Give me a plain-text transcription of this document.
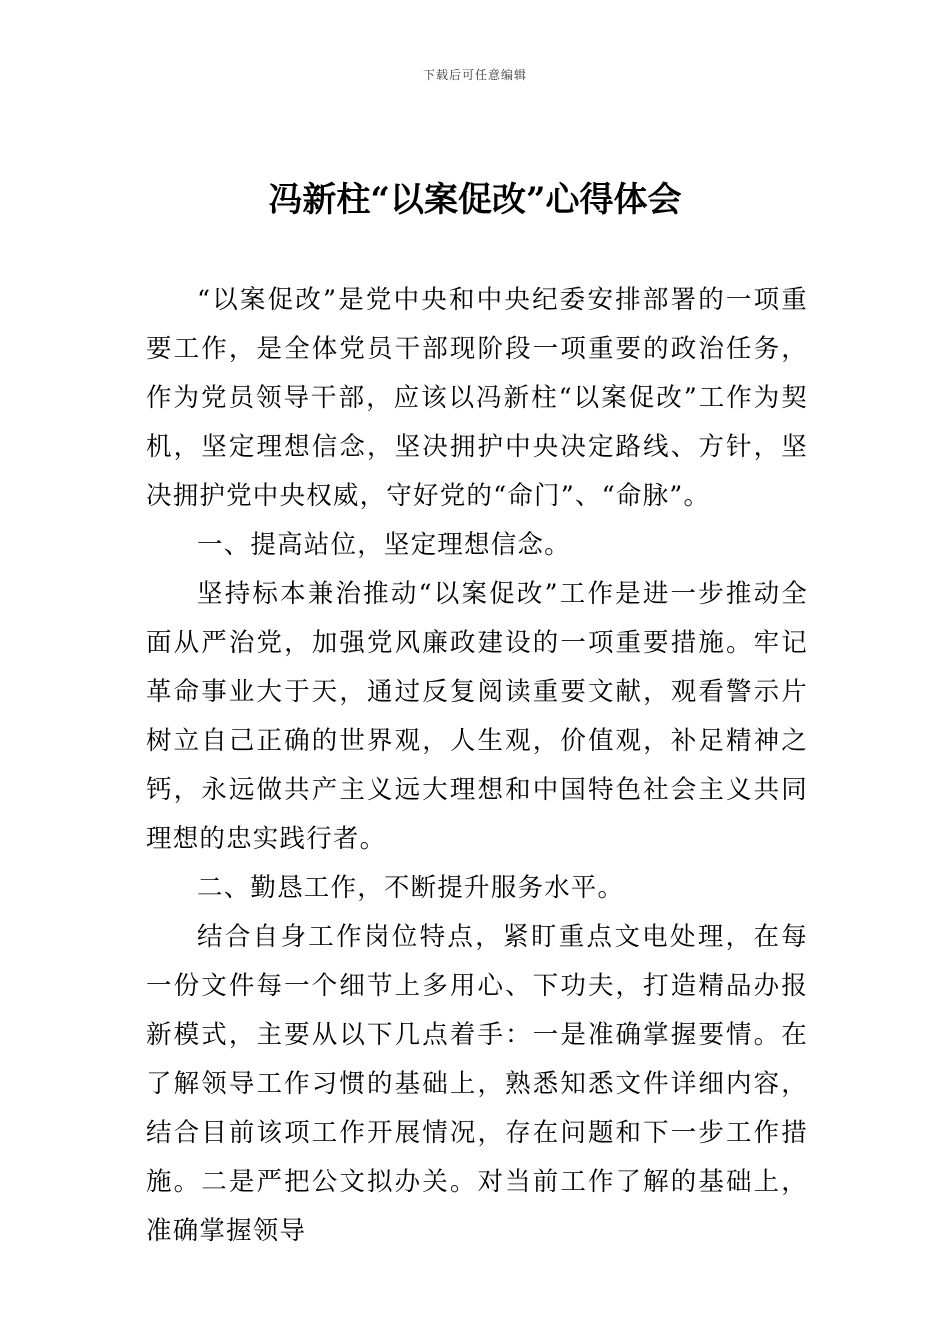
下载后可任意编辑
冯新柱“以案促改”心得体会

“以案促改”是党中央和中央纪委安排部署的一项重要工作，是全体党员干部现阶段一项重要的政治任务，作为党员领导干部，应该以冯新柱“以案促改”工作为契机，坚定理想信念，坚决拥护中央决定路线、方针，坚决拥护党中央权威，守好党的“命门”、“命脉”。

一、提高站位，坚定理想信念。

坚持标本兼治推动“以案促改”工作是进一步推动全面从严治党，加强党风廉政建设的一项重要措施。牢记革命事业大于天，通过反复阅读重要文献，观看警示片树立自己正确的世界观，人生观，价值观，补足精神之钙，永远做共产主义远大理想和中国特色社会主义共同理想的忠实践行者。

二、勤恳工作，不断提升服务水平。

结合自身工作岗位特点，紧盯重点文电处理，在每一份文件每一个细节上多用心、下功夫，打造精品办报新模式，主要从以下几点着手：一是准确掌握要情。在了解领导工作习惯的基础上，熟悉知悉文件详细内容，结合目前该项工作开展情况，存在问题和下一步工作措施。二是严把公文拟办关。对当前工作了解的基础上，准确掌握领导
